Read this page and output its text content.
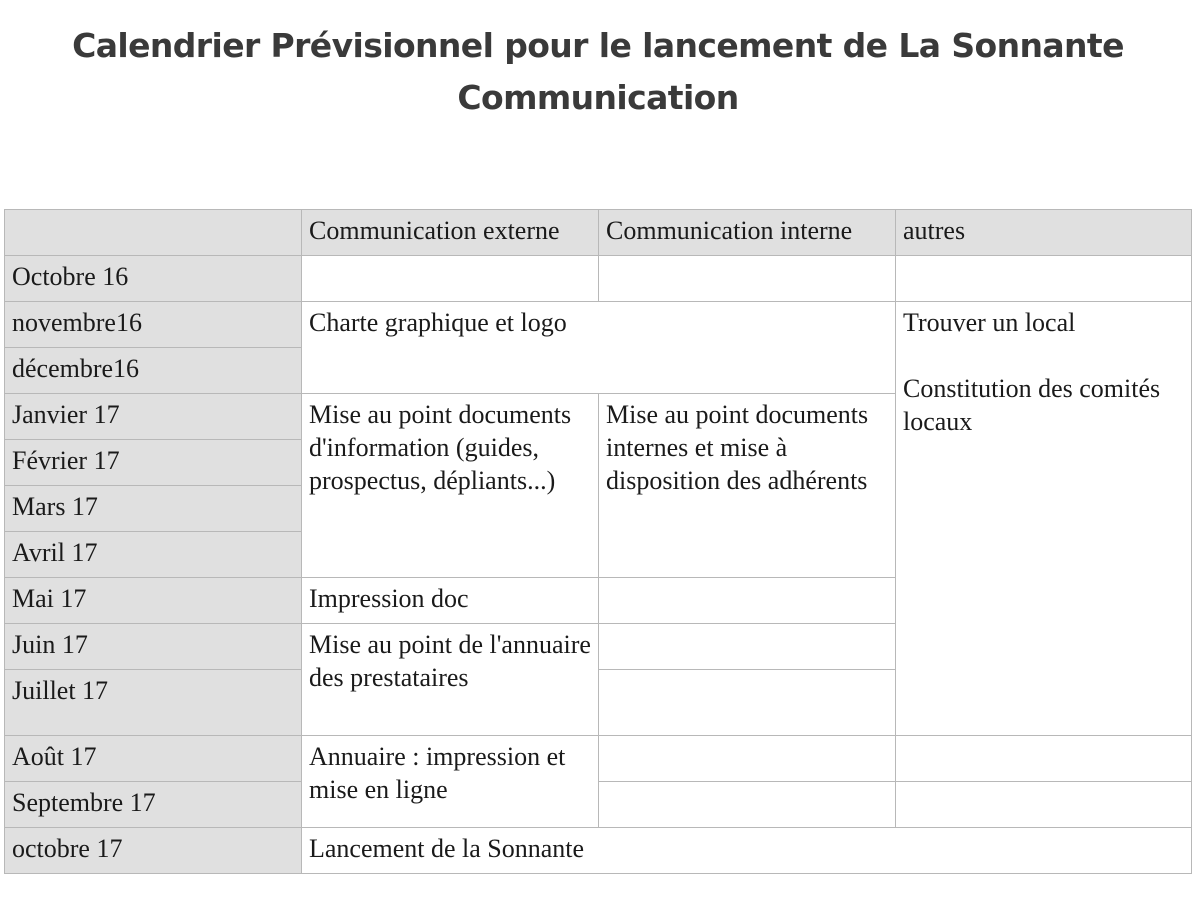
Calendrier Prévisionnel pour le lancement de La Sonnante
Communication
	Communication externe	Communication interne	autres
Octobre 16			
novembre16	Charte graphique et logo		Trouver un local
Constitution des comités locaux

décembre16			
Janvier 17	Mise au point documents d'information (guides, prospectus, dépliants...)	Mise au point documents internes et mise à disposition des adhérents	
Février 17			
Mars 17			
Avril 17			
Mai 17	Impression doc		
Juin 17	Mise au point de l'annuaire des prestataires		
Juillet 17			
Août 17	Annuaire : impression et mise en ligne		
Septembre 17			
octobre 17	Lancement de la Sonnante		
